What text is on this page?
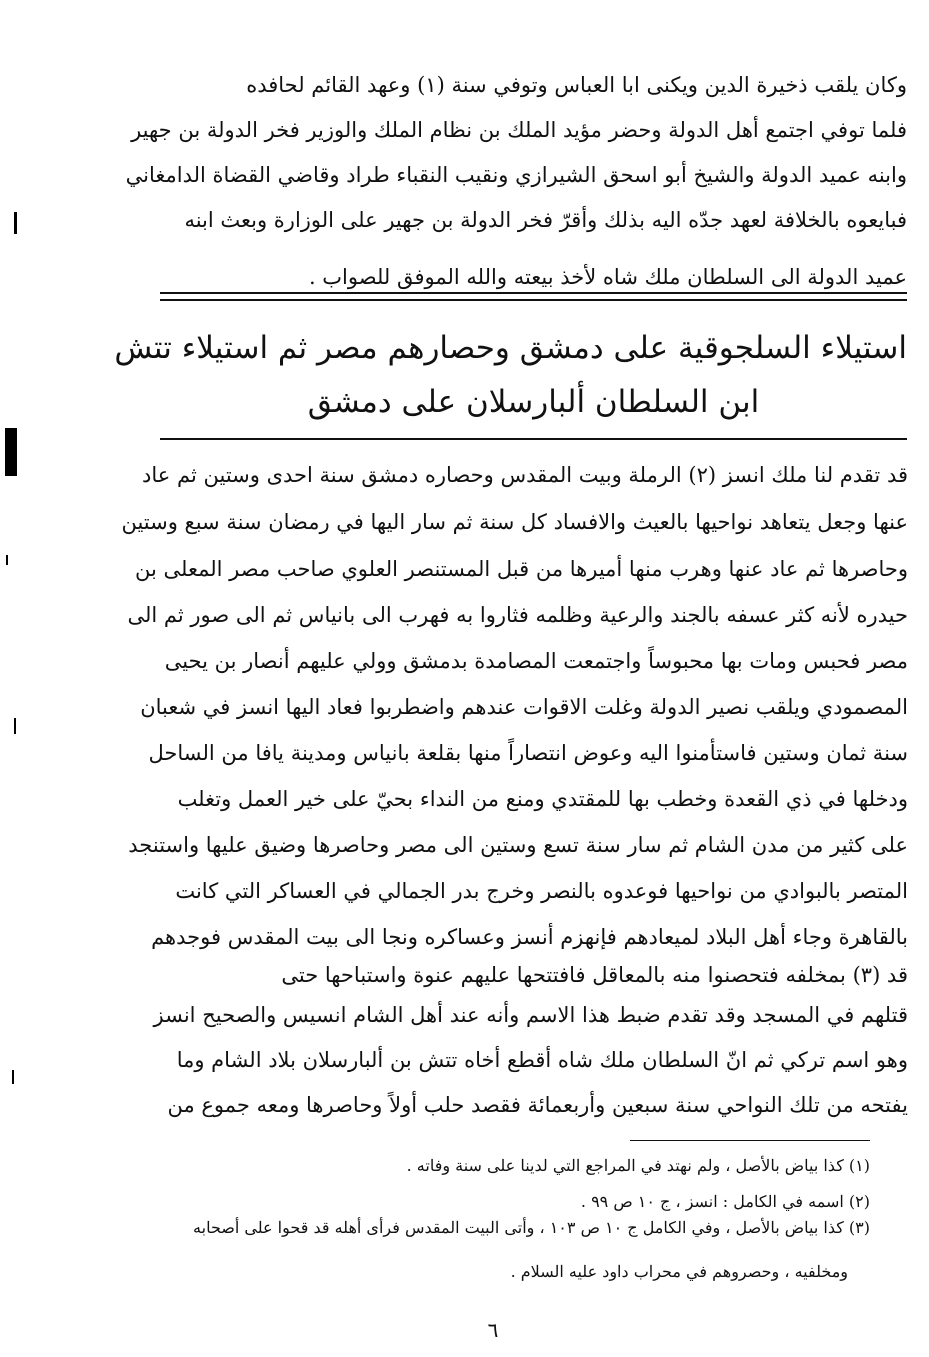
وكان يلقب ذخيرة الدين ويكنى ابا العباس وتوفي سنة (١) وعهد القائم لحافده
فلما توفي اجتمع أهل الدولة وحضر مؤيد الملك بن نظام الملك والوزير فخر الدولة بن جهير
وابنه عميد الدولة والشيخ أبو اسحق الشيرازي ونقيب النقباء طراد وقاضي القضاة الدامغاني
فبايعوه بالخلافة لعهد جدّه اليه بذلك وأقرّ فخر الدولة بن جهير على الوزارة وبعث ابنه
عميد الدولة الى السلطان ملك شاه لأخذ بيعته والله الموفق للصواب .
استيلاء السلجوقية على دمشق وحصارهم مصر ثم استيلاء تتش
ابن السلطان ألبارسلان على دمشق
قد تقدم لنا ملك انسز (٢) الرملة وبيت المقدس وحصاره دمشق سنة احدى وستين ثم عاد
عنها وجعل يتعاهد نواحيها بالعيث والافساد كل سنة ثم سار اليها في رمضان سنة سبع وستين
وحاصرها ثم عاد عنها وهرب منها أميرها من قبل المستنصر العلوي صاحب مصر المعلى بن
حيدره لأنه كثر عسفه بالجند والرعية وظلمه فثاروا به فهرب الى بانياس ثم الى صور ثم الى
مصر فحبس ومات بها محبوساً واجتمعت المصامدة بدمشق وولي عليهم أنصار بن يحيى
المصمودي ويلقب نصير الدولة وغلت الاقوات عندهم واضطربوا فعاد اليها انسز في شعبان
سنة ثمان وستين فاستأمنوا اليه وعوض انتصاراً منها بقلعة بانياس ومدينة يافا من الساحل
ودخلها في ذي القعدة وخطب بها للمقتدي ومنع من النداء بحيّ على خير العمل وتغلب
على كثير من مدن الشام ثم سار سنة تسع وستين الى مصر وحاصرها وضيق عليها واستنجد
المتصر بالبوادي من نواحيها فوعدوه بالنصر وخرج بدر الجمالي في العساكر التي كانت
بالقاهرة وجاء أهل البلاد لميعادهم فإنهزم أنسز وعساكره ونجا الى بيت المقدس فوجدهم
قد (٣) بمخلفه فتحصنوا منه بالمعاقل فافتتحها عليهم عنوة واستباحها حتى
قتلهم في المسجد وقد تقدم ضبط هذا الاسم وأنه عند أهل الشام انسيس والصحيح انسز
وهو اسم تركي ثم انّ السلطان ملك شاه أقطع أخاه تتش بن ألبارسلان بلاد الشام وما
يفتحه من تلك النواحي سنة سبعين وأربعمائة فقصد حلب أولاً وحاصرها ومعه جموع من
(١) كذا بياض بالأصل ، ولم نهتد في المراجع التي لدينا على سنة وفاته .
(٢) اسمه في الكامل : انسز ، ج ١٠ ص ٩٩ .
(٣) كذا بياض بالأصل ، وفي الكامل ج ١٠ ص ١٠٣ ، وأتى البيت المقدس فرأى أهله قد قحوا على أصحابه
ومخلفيه ، وحصروهم في محراب داود عليه السلام .
٦
